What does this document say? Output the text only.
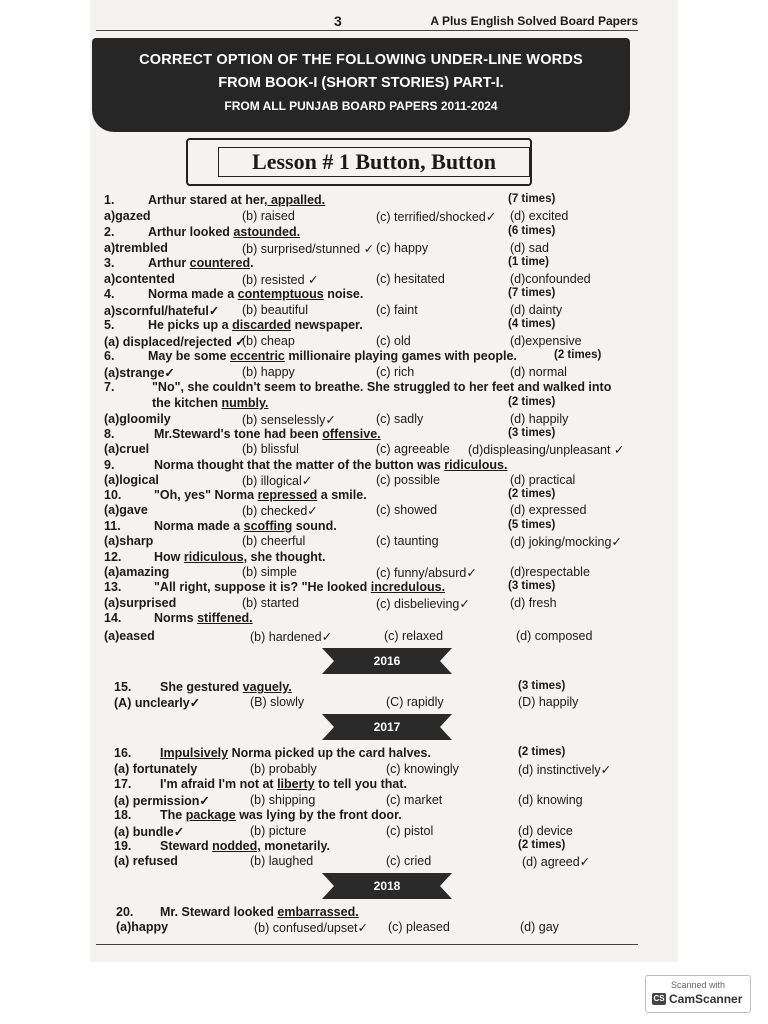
3	A Plus English Solved Board Papers
CORRECT OPTION OF THE FOLLOWING UNDER-LINE WORDS
FROM BOOK-I (SHORT STORIES) PART-I.
FROM ALL PUNJAB BOARD PAPERS 2011-2024
Lesson # 1 Button, Button
1.	Arthur stared at her, appalled.	(7 times)
a)gazed	(b) raised	(c) terrified/shocked✓ (d) excited
2.	Arthur looked astounded.	(6 times)
a)trembled	(b) surprised/stunned ✓ (c) happy	(d) sad
3.	Arthur countered.	(1 time)
a)contented	(b) resisted ✓	(c) hesitated	(d)confounded
4.	Norma made a contemptuous noise.	(7 times)
a)scornful/hateful✓ (b) beautiful	(c) faint	(d) dainty
5.	He picks up a discarded newspaper.	(4 times)
(a) displaced/rejected ✓
(b) cheap	(c) old	(d)expensive
6.	May be some eccentric millionaire playing games with people.	(2 times)
(a)strange✓	(b) happy	(c) rich	(d) normal
7.	"No", she couldn't seem to breathe. She struggled to her feet and walked into
the kitchen numbly.	(2 times)
(a)gloomily	(b) senselessly✓	(c) sadly	(d) happily
8.	Mr.Steward's tone had been offensive.	(3 times)
(a)cruel	(b) blissful	(c) agreeable (d)displeasing/unpleasant ✓
9.	Norma thought that the matter of the button was ridiculous.
(a)logical	(b) illogical✓	(c) possible	(d) practical
10.	"Oh, yes" Norma repressed a smile.	(2 times)
(a)gave	(b) checked✓	(c) showed	(d) expressed
11.	Norma made a scoffing sound.	(5 times)
(a)sharp	(b) cheerful	(c) taunting	(d) joking/mocking✓
12.	How ridiculous, she thought.
(a)amazing	(b) simple	(c) funny/absurd✓	(d)respectable
13.	"All right, suppose it is? "He looked incredulous.	(3 times)
(a)surprised	(b) started	(c) disbelieving✓	(d) fresh
14.	Norms stiffened.
(a)eased	(b) hardened✓	(c) relaxed	(d) composed
2016
15. She gestured vaguely.	(3 times)
(A) unclearly✓	(B) slowly	(C) rapidly	(D) happily
2017
16. Impulsively Norma picked up the card halves.	(2 times)
(a) fortunately	(b) probably	(c) knowingly	(d) instinctively✓
17. I'm afraid I'm not at liberty to tell you that.
(a) permission✓	(b) shipping	(c) market	(d) knowing
18. The package was lying by the front door.
(a) bundle✓	(b) picture	(c) pistol	(d) device
19. Steward nodded, monetarily.	(2 times)
(a) refused	(b) laughed	(c) cried	(d) agreed✓
2018
20. Mr. Steward looked embarrassed.
(a)happy	(b) confused/upset✓ (c) pleased	(d) gay
Scanned with
CS CamScanner
